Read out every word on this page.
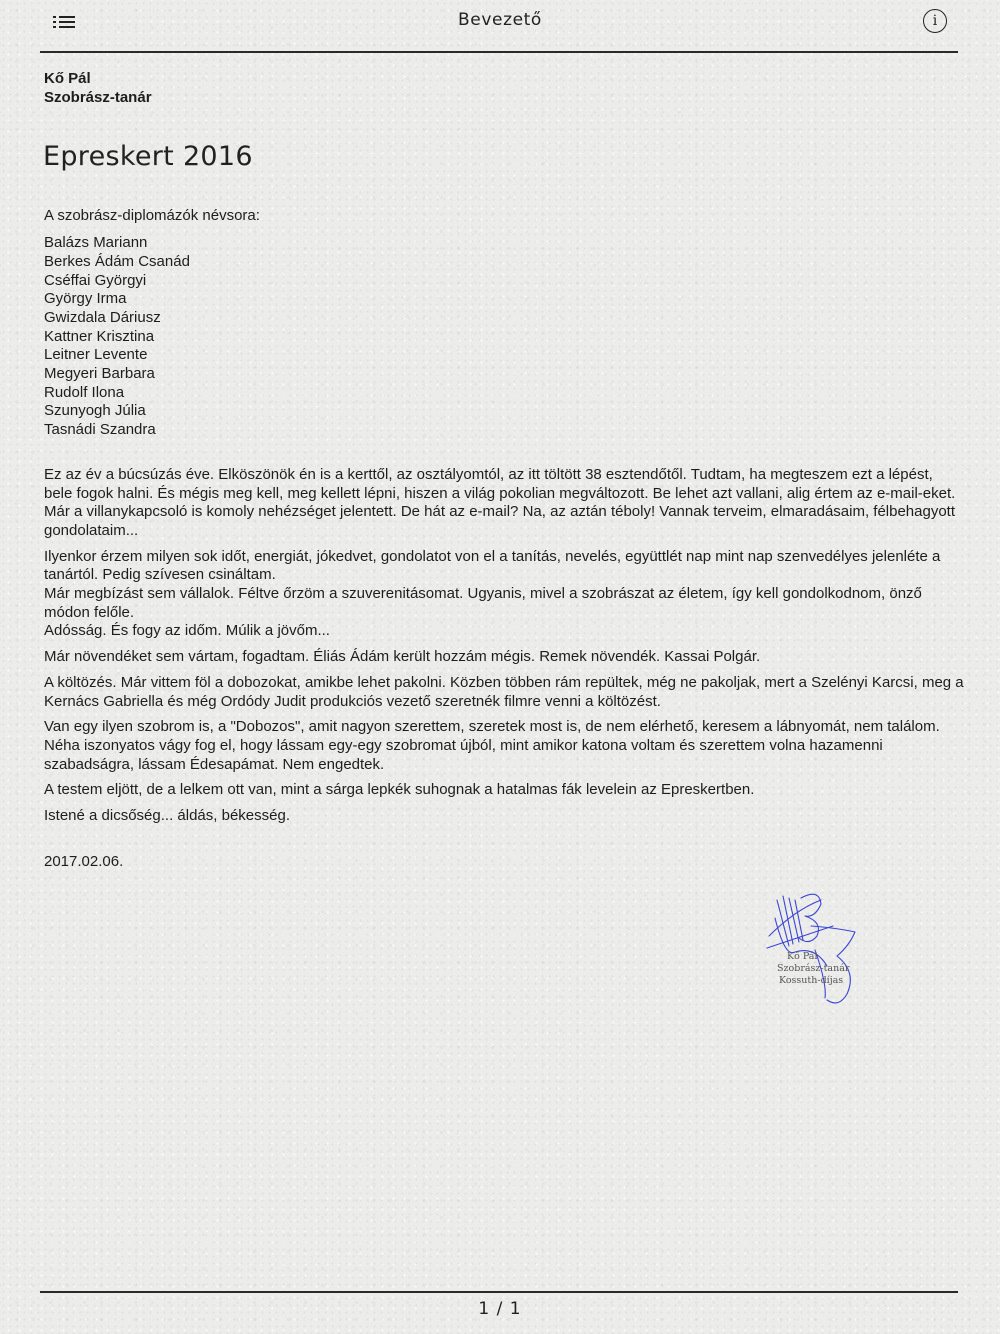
Bevezető	i
Kő Pál
Szobrász-tanár
Epreskert 2016
A szobrász-diplomázók névsora:
Balázs Mariann
Berkes Ádám Csanád
Cséffai Györgyi
György Irma
Gwizdala Dáriusz
Kattner Krisztina
Leitner Levente
Megyeri Barbara
Rudolf Ilona
Szunyogh Júlia
Tasnádi Szandra

Ez az év a búcsúzás éve. Elköszönök én is a kerttől, az osztályomtól, az itt töltött 38 esztendőtől. Tudtam, ha megteszem ezt a lépést, bele fogok halni. És mégis meg kell, meg kellett lépni, hiszen a világ pokolian megváltozott. Be lehet azt vallani, alig értem az e-mail-eket. Már a villanykapcsoló is komoly nehézséget jelentett. De hát az e-mail? Na, az aztán téboly! Vannak terveim, elmaradásaim, félbehagyott gondolataim...

Ilyenkor érzem milyen sok időt, energiát, jókedvet, gondolatot von el a tanítás, nevelés, együttlét nap mint nap szenvedélyes jelenléte a tanártól. Pedig szívesen csináltam.
Már megbízást sem vállalok. Féltve őrzöm a szuverenitásomat. Ugyanis, mivel a szobrászat az életem, így kell gondolkodnom, önző módon felőle.
Adósság. És fogy az időm. Múlik a jövőm...

Már növendéket sem vártam, fogadtam. Éliás Ádám került hozzám mégis. Remek növendék. Kassai Polgár.

A költözés. Már vittem föl a dobozokat, amikbe lehet pakolni. Közben többen rám repültek, még ne pakoljak, mert a Szelényi Karcsi, meg a Kernács Gabriella és még Ordódy Judit produkciós vezető szeretnék filmre venni a költözést.

Van egy ilyen szobrom is, a "Dobozos", amit nagyon szerettem, szeretek most is, de nem elérhető, keresem a lábnyomát, nem találom. Néha iszonyatos vágy fog el, hogy lássam egy-egy szobromat újból, mint amikor katona voltam és szerettem volna hazamenni szabadságra, lássam Édesapámat. Nem engedtek.

A testem eljött, de a lelkem ott van, mint a sárga lepkék suhognak a hatalmas fák levelein az Epreskertben.

Istené a dicsőség... áldás, békesség.

2017.02.06.
Kő Pál
Szobrász-tanár
Kossuth-díjas
1 / 1
